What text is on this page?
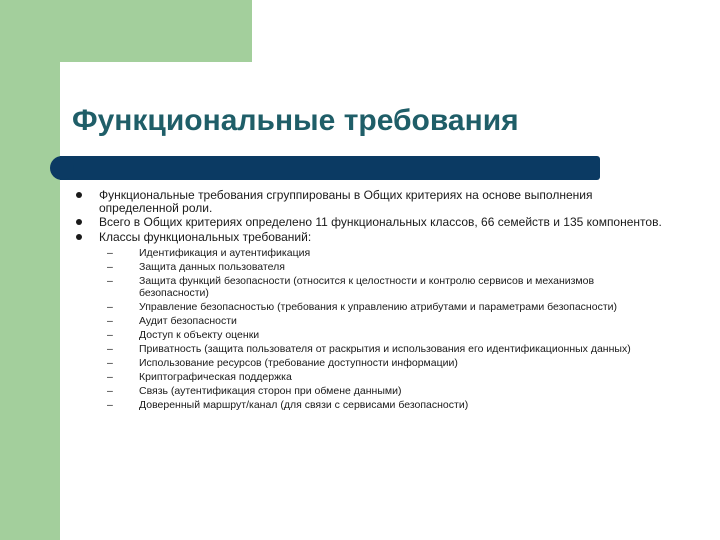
Функциональные требования
Функциональные требования сгруппированы в Общих критериях на основе выполнения определенной роли.
Всего в Общих критериях определено 11 функциональных классов, 66 семейств и 135 компонентов.
Классы функциональных требований:
– Идентификация и аутентификация
– Защита данных пользователя
– Защита функций безопасности (относится к целостности и контролю сервисов и механизмов безопасности)
– Управление безопасностью (требования к управлению атрибутами и параметрами безопасности)
– Аудит безопасности
– Доступ к объекту оценки
– Приватность (защита пользователя от раскрытия и использования его идентификационных данных)
– Использование ресурсов (требование доступности информации)
– Криптографическая поддержка
– Связь (аутентификация сторон при обмене данными)
– Доверенный маршрут/канал (для связи с сервисами безопасности)
